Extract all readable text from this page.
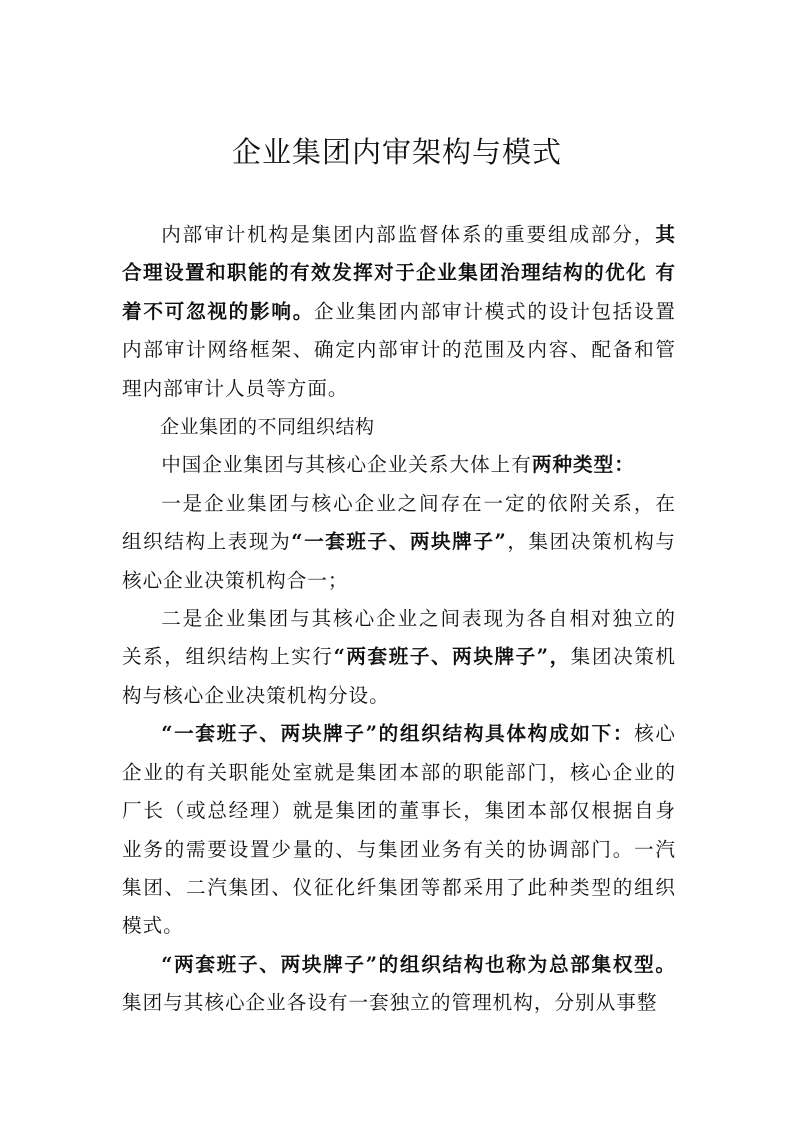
企业集团内审架构与模式

内部审计机构是集团内部监督体系的重要组成部分，其合理设置和职能的有效发挥对于企业集团治理结构的优化 有着不可忽视的影响。企业集团内部审计模式的设计包括设置内部审计网络框架、确定内部审计的范围及内容、配备和管理内部审计人员等方面。

企业集团的不同组织结构

中国企业集团与其核心企业关系大体上有两种类型：

一是企业集团与核心企业之间存在一定的依附关系，在组织结构上表现为“一套班子、两块牌子”，集团决策机构与核心企业决策机构合一；

二是企业集团与其核心企业之间表现为各自相对独立的关系，组织结构上实行“两套班子、两块牌子”，集团决策机构与核心企业决策机构分设。

“一套班子、两块牌子”的组织结构具体构成如下：核心企业的有关职能处室就是集团本部的职能部门，核心企业的厂长（或总经理）就是集团的董事长，集团本部仅根据自身业务的需要设置少量的、与集团业务有关的协调部门。一汽集团、二汽集团、仪征化纤集团等都采用了此种类型的组织模式。

“两套班子、两块牌子”的组织结构也称为总部集权型。集团与其核心企业各设有一套独立的管理机构，分别从事整
